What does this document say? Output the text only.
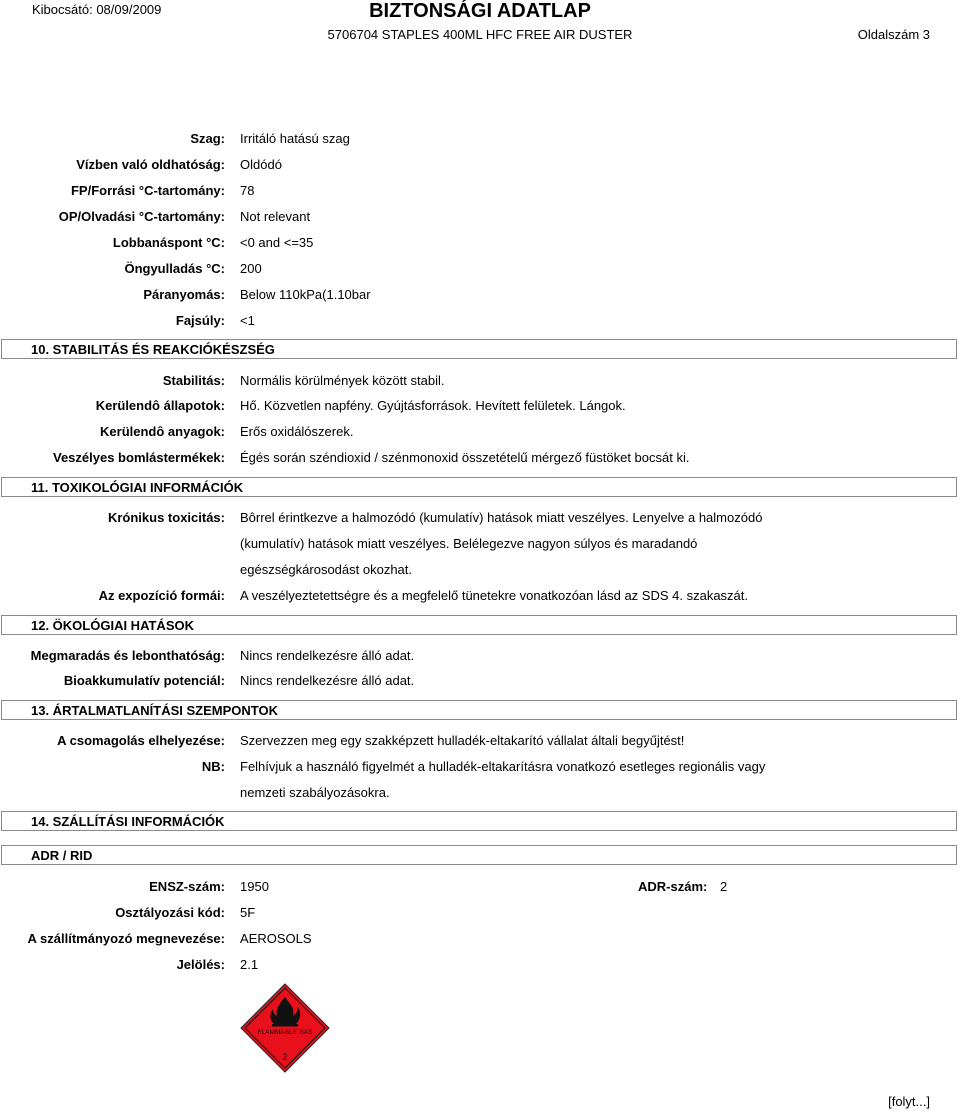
Kibocsátó: 08/09/2009	BIZTONSÁGI ADATLAP
5706704 STAPLES 400ML HFC FREE AIR DUSTER	Oldalszám 3
Szag: Irritáló hatású szag
Vízben való oldhatóság: Oldódó
FP/Forrási °C-tartomány: 78
OP/Olvadási °C-tartomány: Not relevant
Lobbanáspont °C: <0 and <=35
Öngyulladás °C: 200
Páranyomás: Below 110kPa(1.10bar
Fajsúly: <1
10. STABILITÁS ÉS REAKCIÓKÉSZSÉG
Stabilitás: Normális körülmények között stabil.
Kerülendô állapotok: Hő. Közvetlen napfény. Gyújtásforrások. Hevített felületek. Lángok.
Kerülendô anyagok: Erős oxidálószerek.
Veszélyes bomlástermékek: Égés során széndioxid / szénmonoxid összetételű mérgező füstöket bocsát ki.
11. TOXIKOLÓGIAI INFORMÁCIÓK
Krónikus toxicitás: Bôrrel érintkezve a halmozódó (kumulatív) hatások miatt veszélyes. Lenyelve a halmozódó
(kumulatív) hatások miatt veszélyes. Belélegezve nagyon súlyos és maradandó
egészségkárosodást okozhat.
Az expozíció formái: A veszélyeztetettségre és a megfelelő tünetekre vonatkozóan lásd az SDS 4. szakaszát.
12. ÖKOLÓGIAI HATÁSOK
Megmaradás és lebonthatóság: Nincs rendelkezésre álló adat.
Bioakkumulatív potenciál: Nincs rendelkezésre álló adat.
13. ÁRTALMATLANÍTÁSI SZEMPONTOK
A csomagolás elhelyezése: Szervezzen meg egy szakképzett hulladék-eltakarító vállalat általi begyűjtést!
NB: Felhívjuk a használó figyelmét a hulladék-eltakarításra vonatkozó esetleges regionális vagy
nemzeti szabályozásokra.
14. SZÁLLÍTÁSI INFORMÁCIÓK
ADR / RID
ENSZ-szám: 1950	ADR-szám: 2
Osztályozási kód: 5F
A szállítmányozó megnevezése: AEROSOLS
Jelölés: 2.1
FLAMMABLE GAS
2
[folyt...]
